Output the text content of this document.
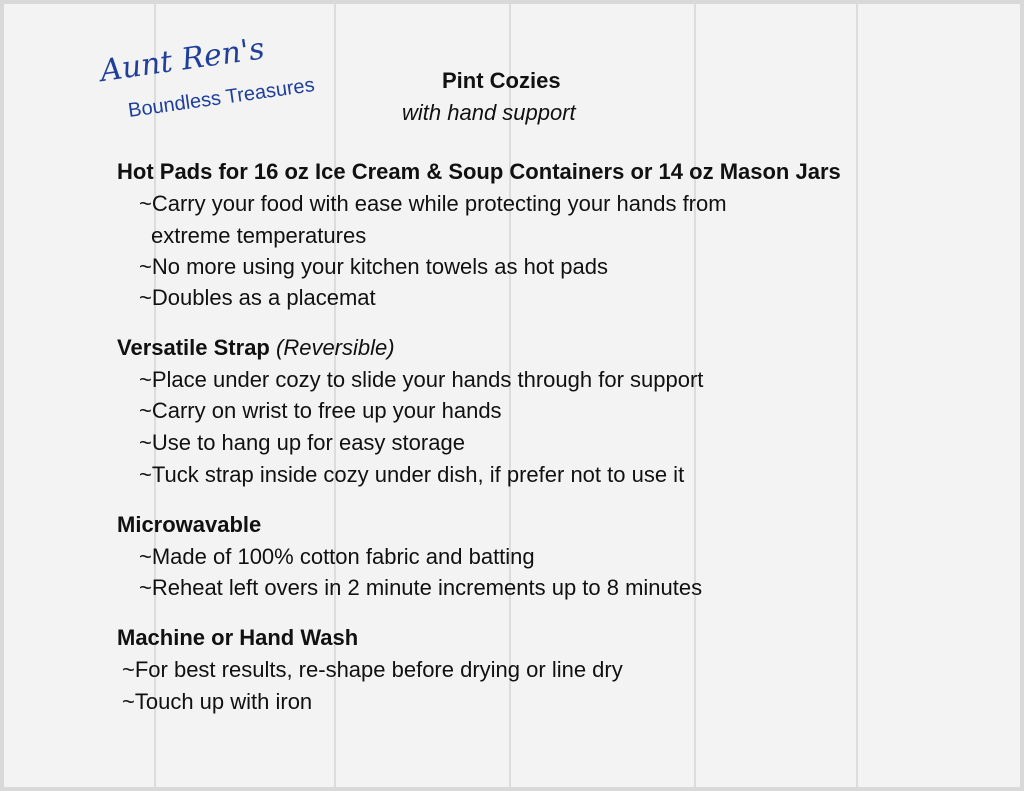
Aunt Ren's
Boundless Treasures	Pint Cozies
with hand support
Hot Pads for 16 oz Ice Cream & Soup Containers or 14 oz Mason Jars
~Carry your food with ease while protecting your hands from
extreme temperatures
~No more using your kitchen towels as hot pads
~Doubles as a placemat
Versatile Strap (Reversible)
~Place under cozy to slide your hands through for support
~Carry on wrist to free up your hands
~Use to hang up for easy storage
~Tuck strap inside cozy under dish, if prefer not to use it
Microwavable
~Made of 100% cotton fabric and batting
~Reheat left overs in 2 minute increments up to 8 minutes
Machine or Hand Wash
~For best results, re-shape before drying or line dry
~Touch up with iron
